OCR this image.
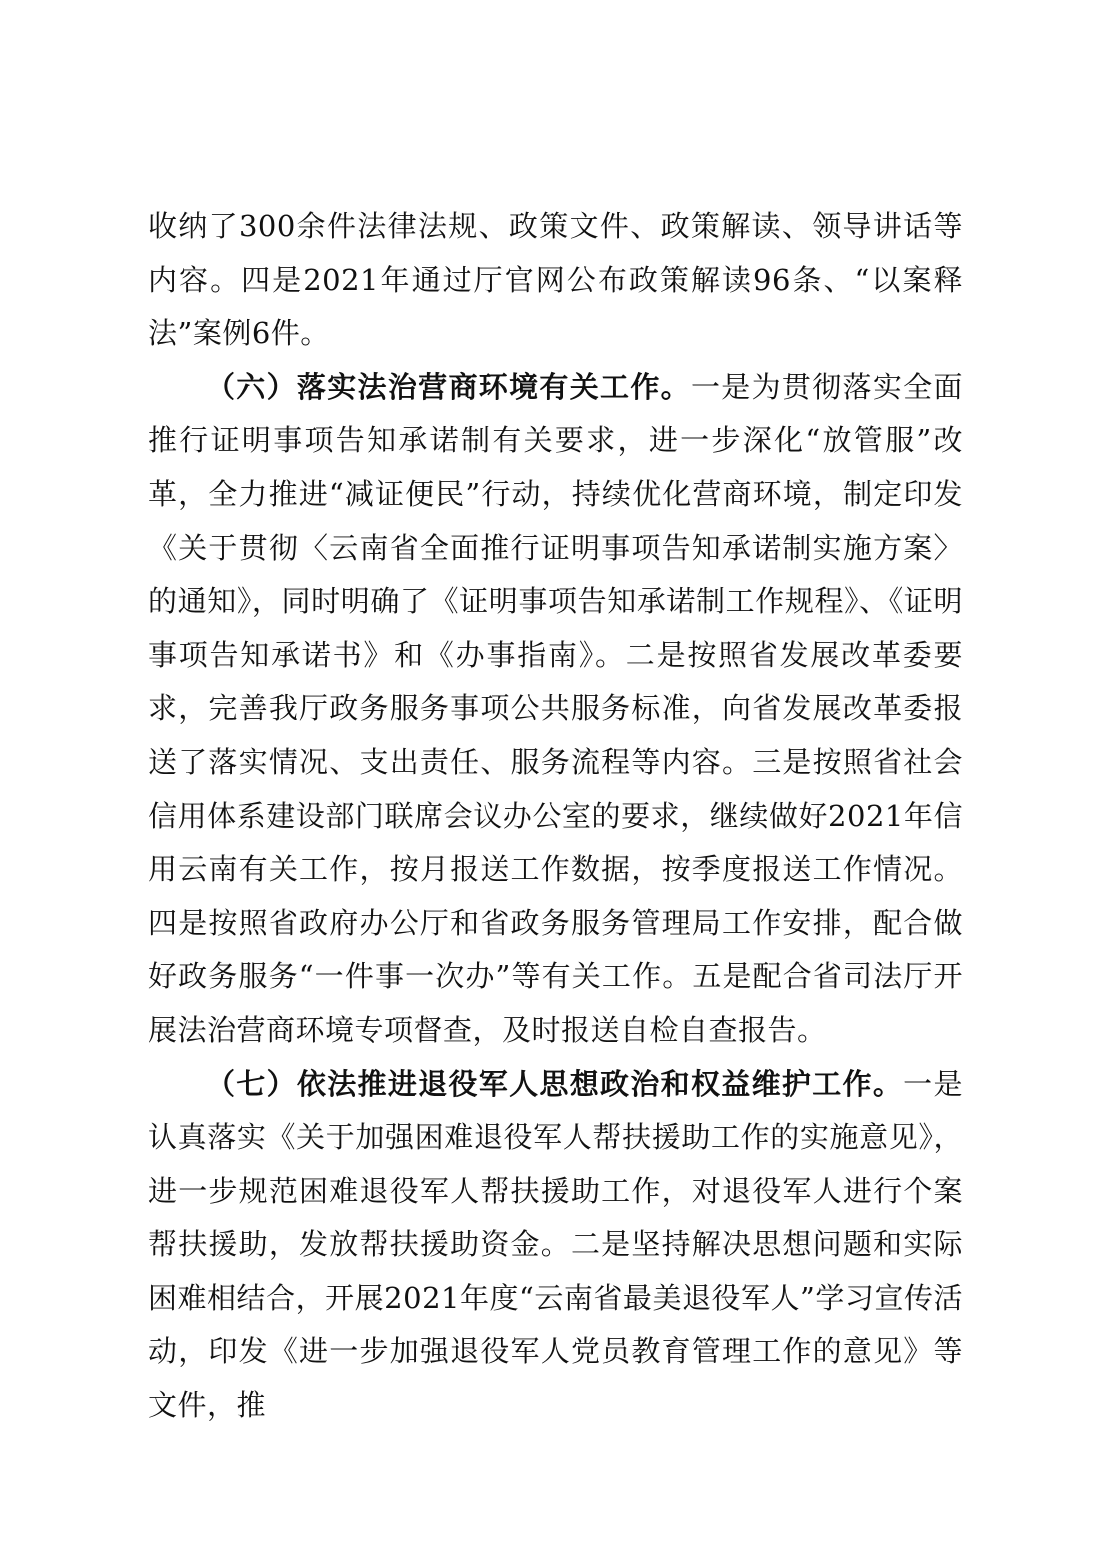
收纳了300余件法律法规、政策文件、政策解读、领导讲话等内容。四是2021年通过厅官网公布政策解读96条、“以案释法”案例6件。

（六）落实法治营商环境有关工作。一是为贯彻落实全面推行证明事项告知承诺制有关要求，进一步深化“放管服”改革，全力推进“减证便民”行动，持续优化营商环境，制定印发《关于贯彻〈云南省全面推行证明事项告知承诺制实施方案〉的通知》，同时明确了《证明事项告知承诺制工作规程》、《证明事项告知承诺书》和《办事指南》。二是按照省发展改革委要求，完善我厅政务服务事项公共服务标准，向省发展改革委报送了落实情况、支出责任、服务流程等内容。三是按照省社会信用体系建设部门联席会议办公室的要求，继续做好2021年信用云南有关工作，按月报送工作数据，按季度报送工作情况。四是按照省政府办公厅和省政务服务管理局工作安排，配合做好政务服务“一件事一次办”等有关工作。五是配合省司法厅开展法治营商环境专项督查，及时报送自检自查报告。

（七）依法推进退役军人思想政治和权益维护工作。一是认真落实《关于加强困难退役军人帮扶援助工作的实施意见》，进一步规范困难退役军人帮扶援助工作，对退役军人进行个案帮扶援助，发放帮扶援助资金。二是坚持解决思想问题和实际困难相结合，开展2021年度“云南省最美退役军人”学习宣传活动，印发《进一步加强退役军人党员教育管理工作的意见》等文件，推
